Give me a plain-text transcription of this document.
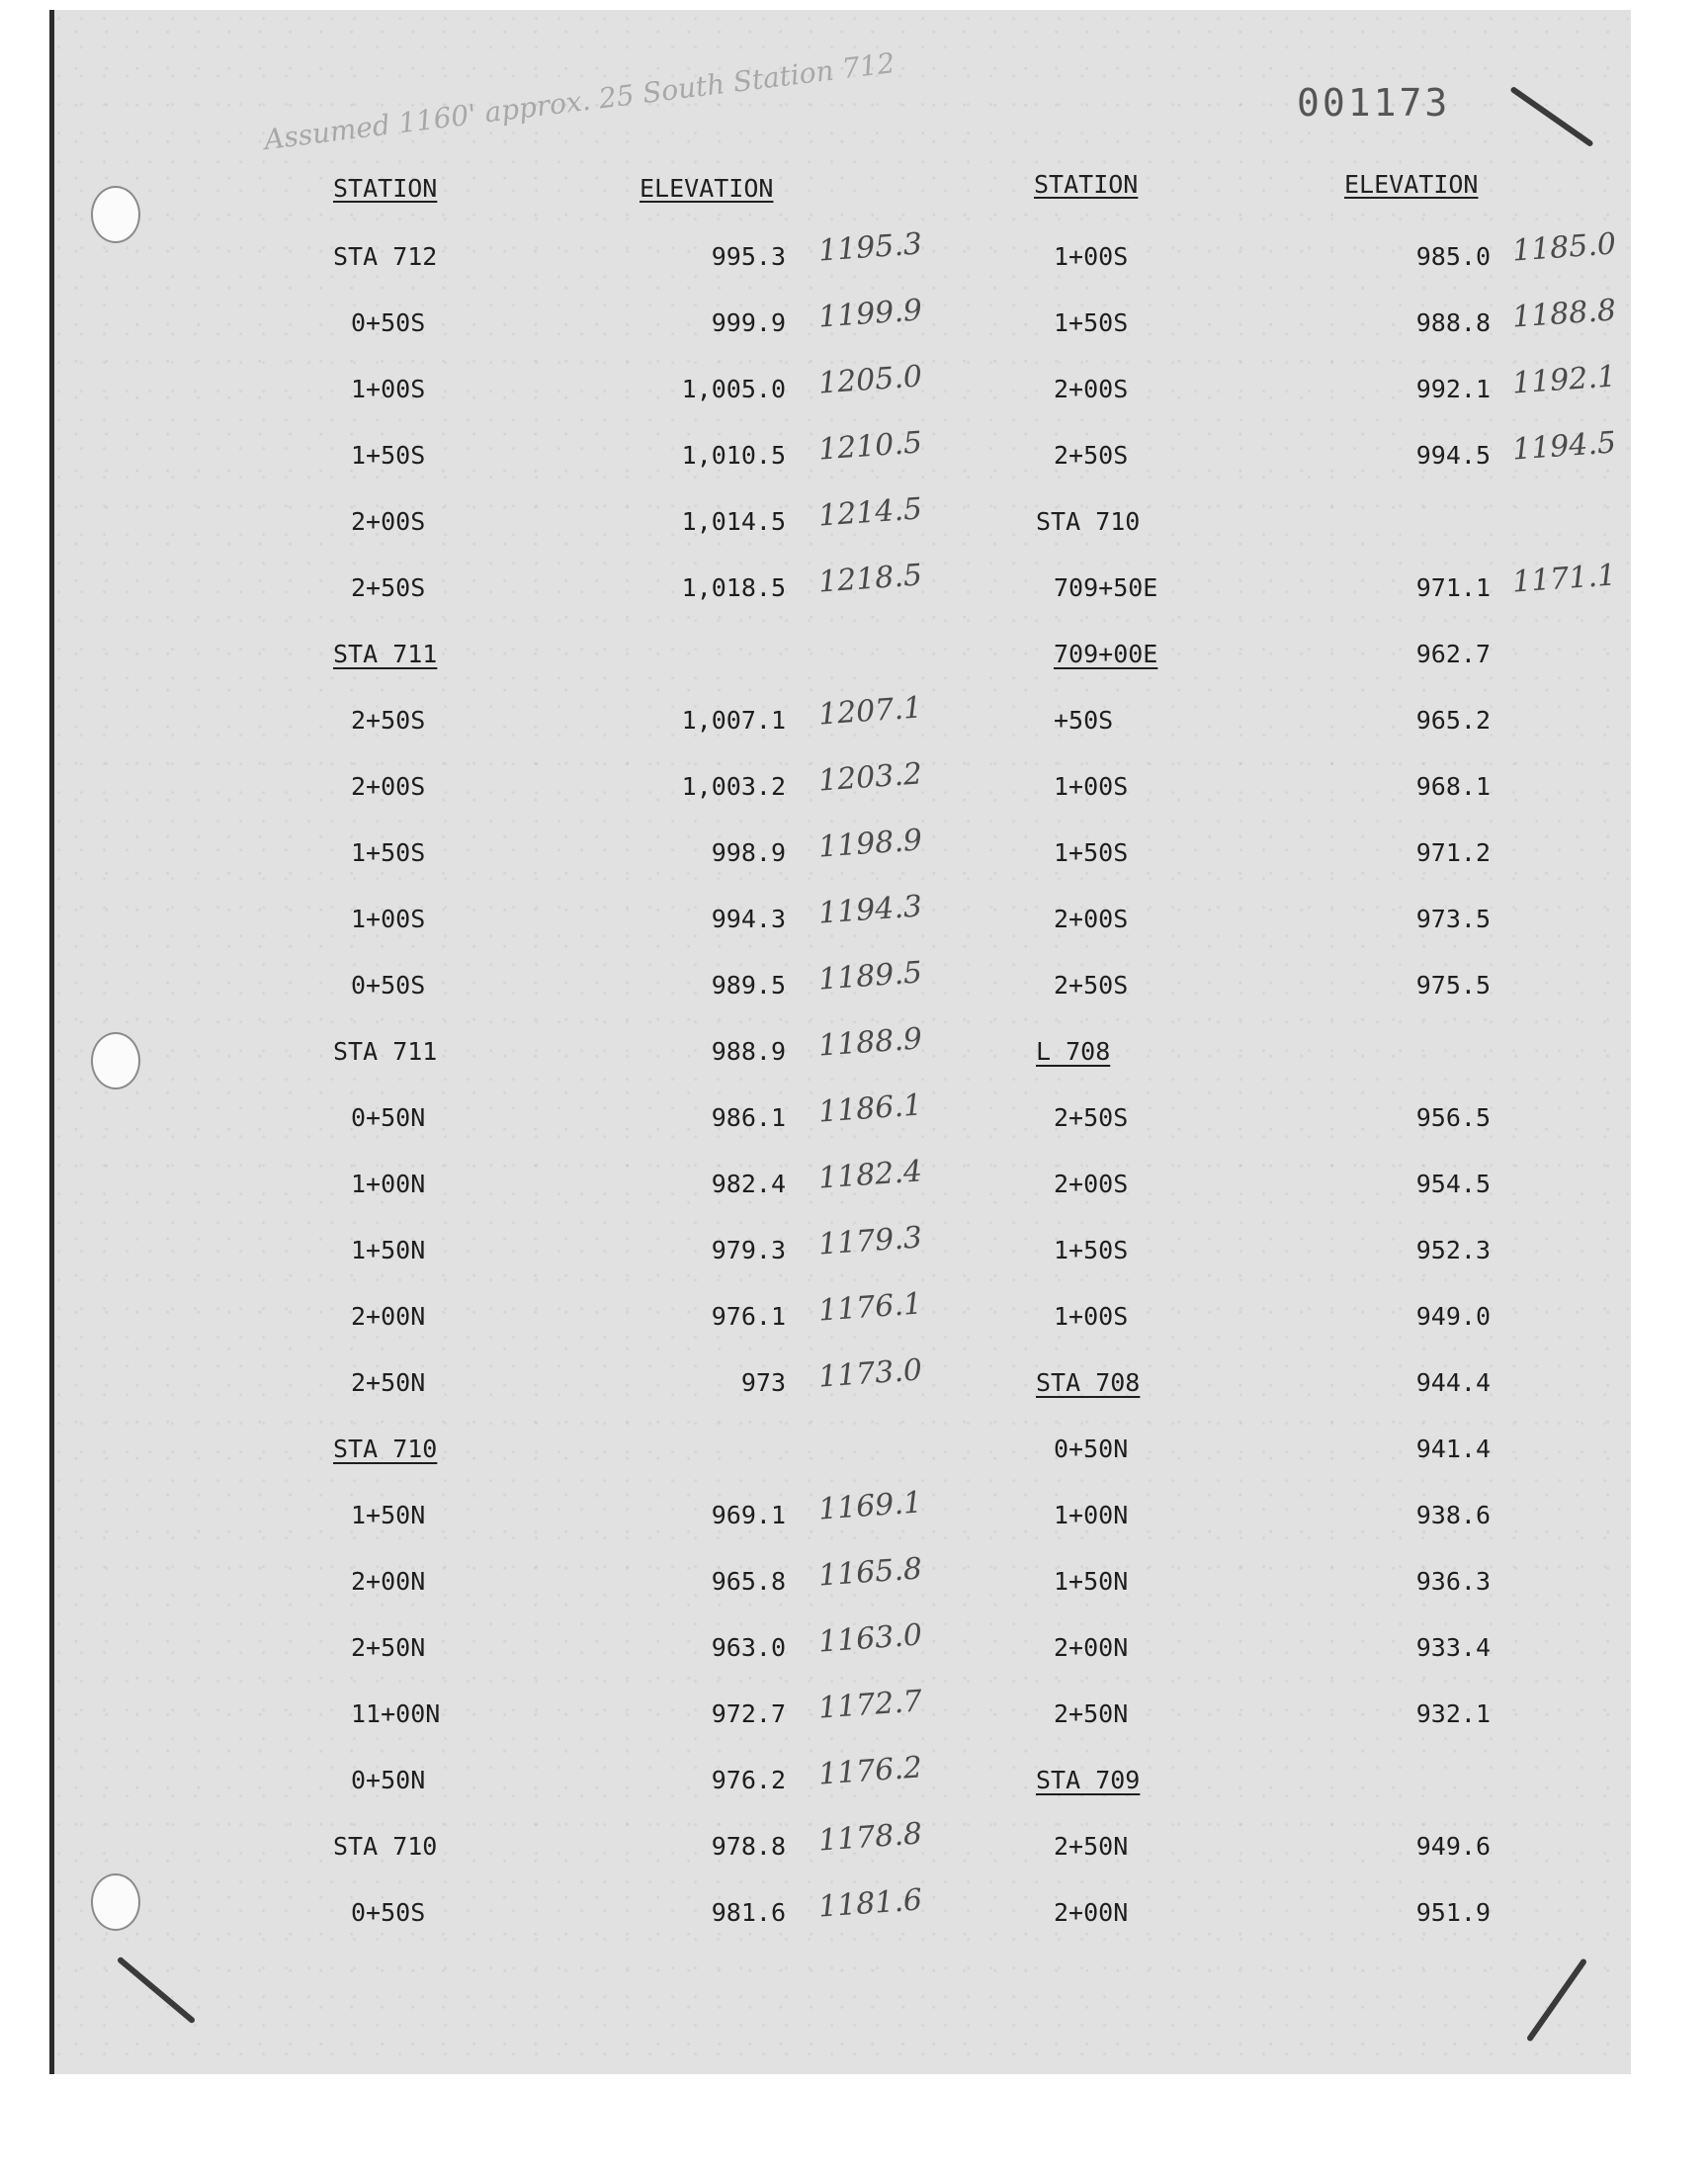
001173
Assumed 1160' approx. 25 South Station 712
STATION	ELEVATION	STATION	ELEVATION
STA 712	995.3 1195.3
0+50S	999.9 1199.9
1+00S	1,005.0 1205.0
1+50S	1,010.5 1210.5
2+00S	1,014.5 1214.5
2+50S	1,018.5 1218.5
STA 711
2+50S	1,007.1 1207.1
2+00S	1,003.2 1203.2
1+50S	998.9 1198.9
1+00S	994.3 1194.3
0+50S	989.5 1189.5
STA 711	988.9 1188.9
0+50N	986.1 1186.1
1+00N	982.4 1182.4
1+50N	979.3 1179.3
2+00N	976.1 1176.1
2+50N	973 1173.0
STA 710
1+50N	969.1 1169.1
2+00N	965.8 1165.8
2+50N	963.0 1163.0
11+00N	972.7 1172.7
0+50N	976.2 1176.2
STA 710	978.8 1178.8
0+50S	981.6 1181.6
1+00S	985.0 1185.0
1+50S	988.8 1188.8
2+00S	992.1 1192.1
2+50S	994.5 1194.5
STA 710
709+50E	971.1 1171.1
709+00E	962.7
+50S	965.2
1+00S	968.1
1+50S	971.2
2+00S	973.5
2+50S	975.5
L 708
2+50S	956.5
2+00S	954.5
1+50S	952.3
1+00S	949.0
STA 708	944.4
0+50N	941.4
1+00N	938.6
1+50N	936.3
2+00N	933.4
2+50N	932.1
STA 709
2+50N	949.6
2+00N	951.9
